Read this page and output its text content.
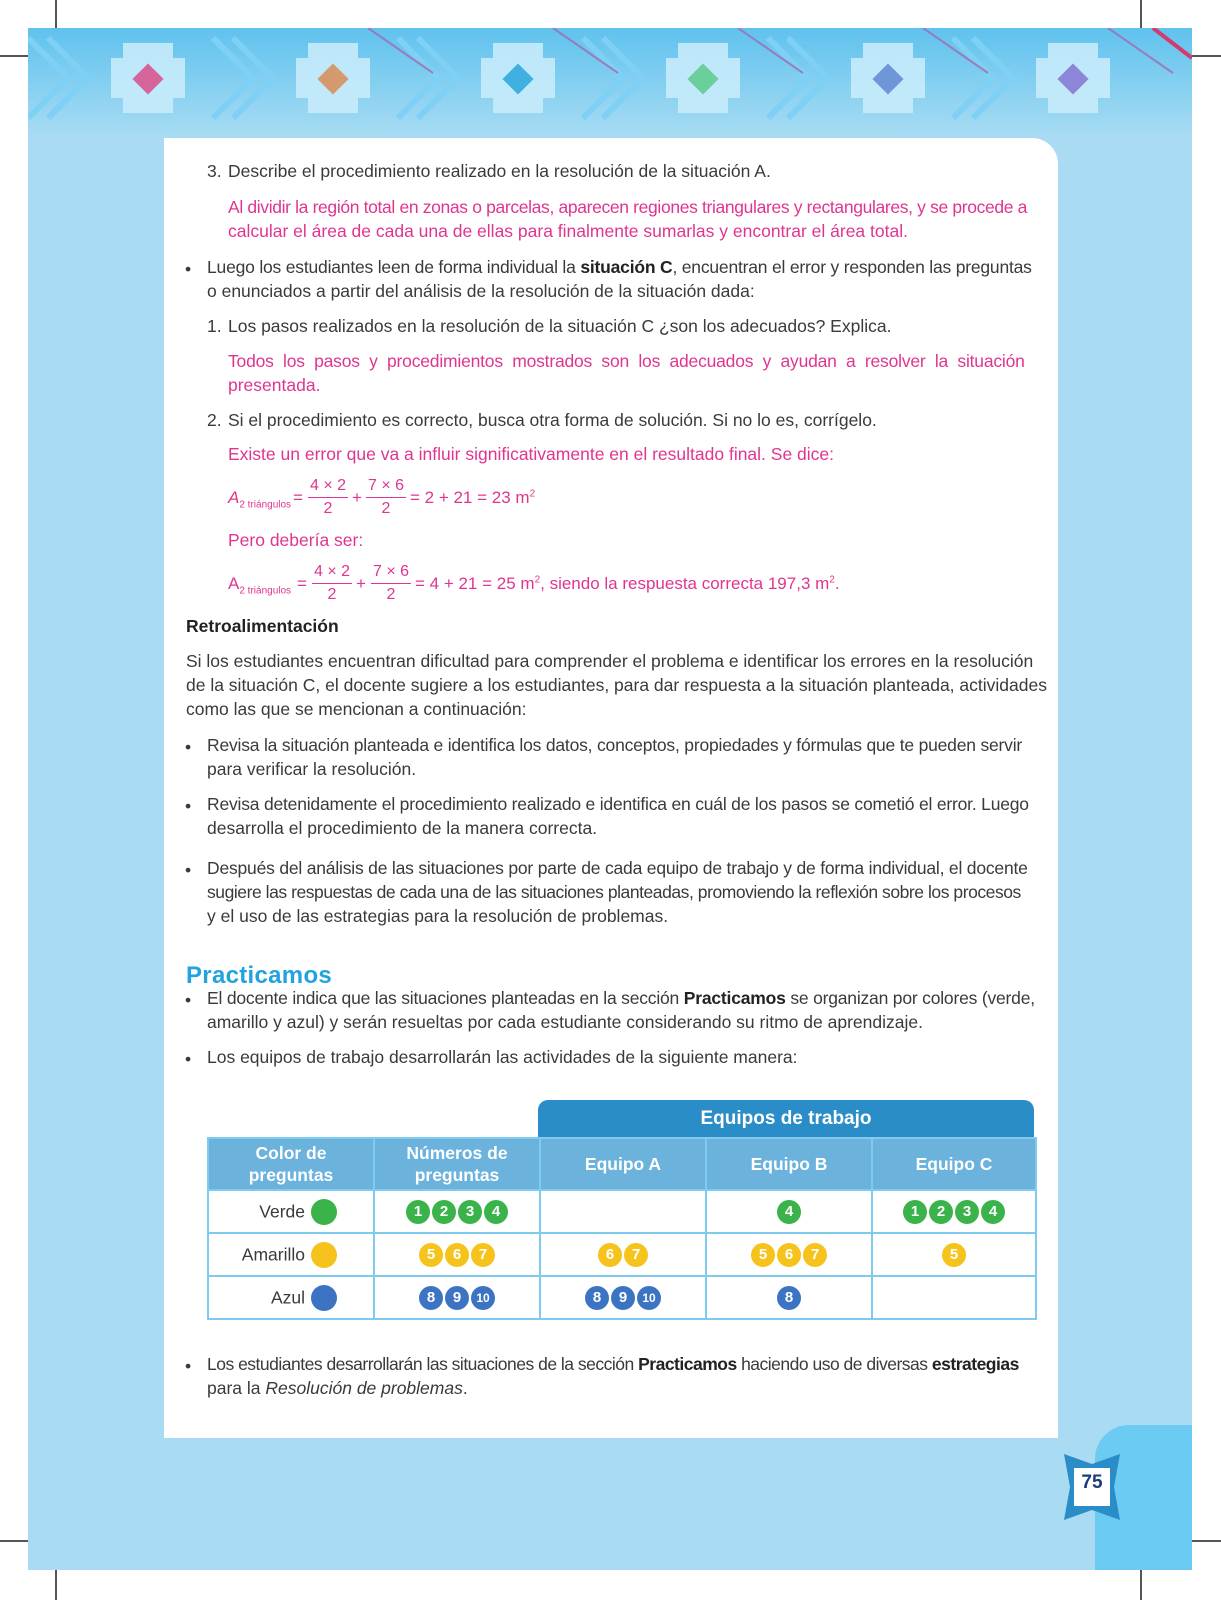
3. Describe el procedimiento realizado en la resolución de la situación A.

Al dividir la región total en zonas o parcelas, aparecen regiones triangulares y rectangulares, y se procede a

calcular el área de cada una de ellas para finalmente sumarlas y encontrar el área total.

• Luego los estudiantes leen de forma individual la situación C, encuentran el error y responden las preguntas

o enunciados a partir del análisis de la resolución de la situación dada:

1. Los pasos realizados en la resolución de la situación C ¿son los adecuados? Explica.

Todos  los  pasos  y  procedimientos  mostrados  son  los  adecuados  y  ayudan  a  resolver  la  situación

presentada.

2. Si el procedimiento es correcto, busca otra forma de solución. Si no lo es, corrígelo.

Existe un error que va a influir significativamente en el resultado final. Se dice:

$A_{2 triángulos}$ =
4 × 2
2
+
7 × 6
2
= 2 + 21 = 23 $m^2$

Pero debería ser:

$A_{2 triángulos}$ =
4 × 2
2
+
7 × 6
2
= 4 + 21 = 25 $m^2$, siendo la respuesta correcta 197,3 $m^2$.

Retroalimentación

Si los estudiantes encuentran dificultad para comprender el problema e identificar los errores en la resolución

de la situación C, el docente sugiere a los estudiantes, para dar respuesta a la situación planteada, actividades

como las que se mencionan a continuación:

• Revisa la situación planteada e identifica los datos, conceptos, propiedades y fórmulas que te pueden servir

para verificar la resolución.

• Revisa detenidamente el procedimiento realizado e identifica en cuál de los pasos se cometió el error. Luego

desarrolla el procedimiento de la manera correcta.

• Después del análisis de las situaciones por parte de cada equipo de trabajo y de forma individual, el docente

sugiere las respuestas de cada una de las situaciones planteadas, promoviendo la reflexión sobre los procesos

y el uso de las estrategias para la resolución de problemas.

Practicamos
• El docente indica que las situaciones planteadas en la sección Practicamos se organizan por colores (verde,

amarillo y azul) y serán resueltas por cada estudiante considerando su ritmo de aprendizaje.

• Los equipos de trabajo desarrollarán las actividades de la siguiente manera:

Equipos de trabajo
Color de preguntas	Números de preguntas	Equipo A	Equipo B	Equipo C
Verde	1 2 3 4		4	1 2 3 4
Amarillo	5 6 7	6 7	5 6 7	5
Azul	8 9 10	8 9 10	8	
• Los estudiantes desarrollarán las situaciones de la sección Practicamos haciendo uso de diversas estrategias

para la Resolución de problemas.

75
